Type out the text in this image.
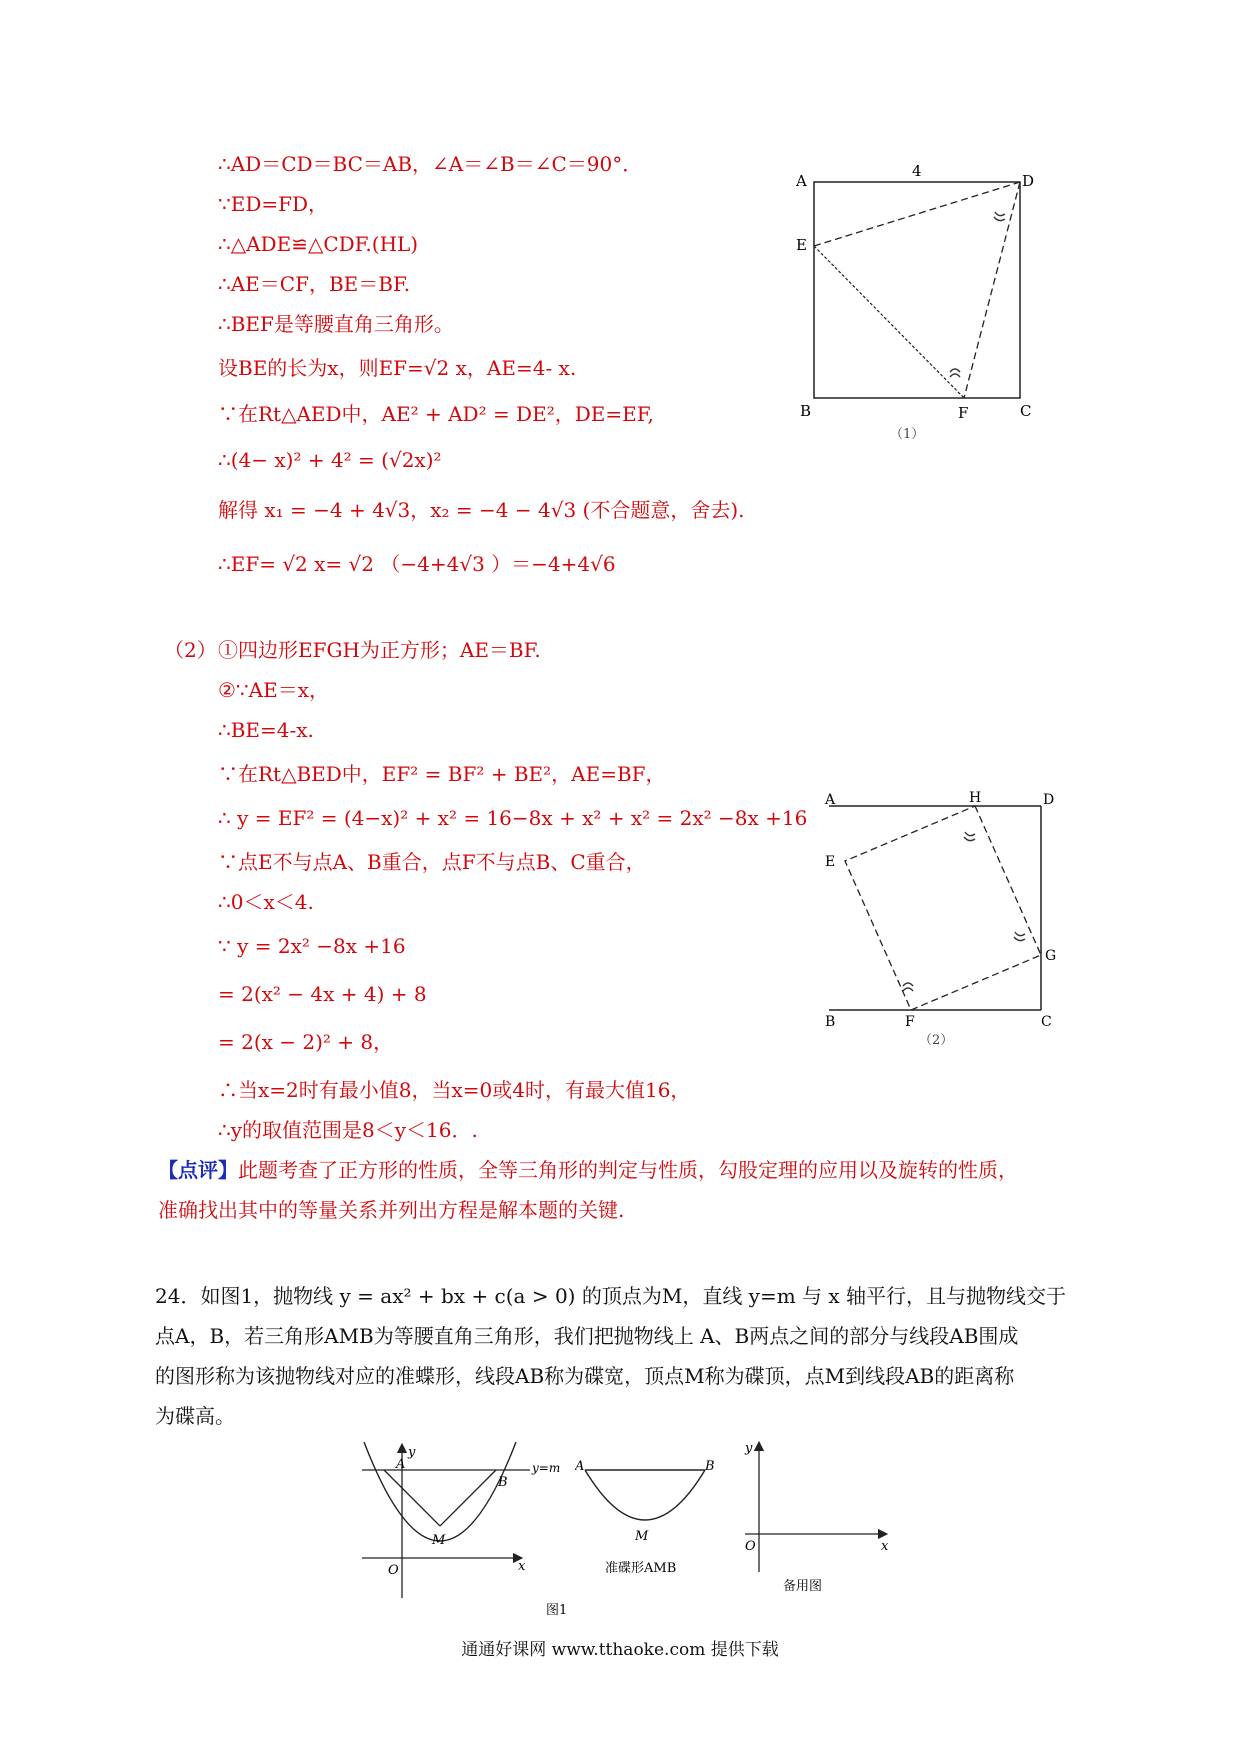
∴AD＝CD＝BC＝AB，∠A＝∠B＝∠C＝90°．
∵ED=FD，
∴△ADE≌△CDF.(HL)
∴AE＝CF，BE＝BF.
∴BEF是等腰直角三角形。
设BE的长为x，则EF=√2 x，AE=4- x.
∵在Rt△AED中，AE² + AD² = DE²，DE=EF,
∴(4− x)² + 4² = (√2x)²
解得 x₁ = −4 + 4√3，x₂ = −4 − 4√3 (不合题意，舍去).
∴EF= √2 x= √2 （−4+4√3 ）＝−4+4√6
4
A	D
E
B	F	C
（1）
（2） ①四边形EFGH为正方形；AE＝BF.
②∵AE＝x，
∴BE=4-x.
∵在Rt△BED中，EF² = BF² + BE²，AE=BF，
∴ y = EF² = (4−x)² + x² = 16−8x + x² + x² = 2x² −8x +16
∵点E不与点A、B重合，点F不与点B、C重合，
∴0＜x＜4.
∵ y = 2x² −8x +16
= 2(x² − 4x + 4) + 8
= 2(x − 2)² + 8，
∴当x=2时有最小值8，当x=0或4时，有最大值16，
∴y的取值范围是8＜y＜16．.
A	H	D
E
G
B	F	C
（2）
【点评】此题考查了正方形的性质，全等三角形的判定与性质，勾股定理的应用以及旋转的性质，
准确找出其中的等量关系并列出方程是解本题的关键.
24．如图1，抛物线 y = ax² + bx + c(a > 0) 的顶点为M，直线 y=m 与 x 轴平行，且与抛物线交于
点A，B，若三角形AMB为等腰直角三角形，我们把抛物线上 A、B两点之间的部分与线段AB围成
的图形称为该抛物线对应的准蝶形，线段AB称为碟宽，顶点M称为碟顶，点M到线段AB的距离称
为碟高。
A
B
M
y
x
O
y=m
图1
A	B
M
准碟形AMB
y
x
O
备用图
通通好课网 www.tthaoke.com 提供下载
